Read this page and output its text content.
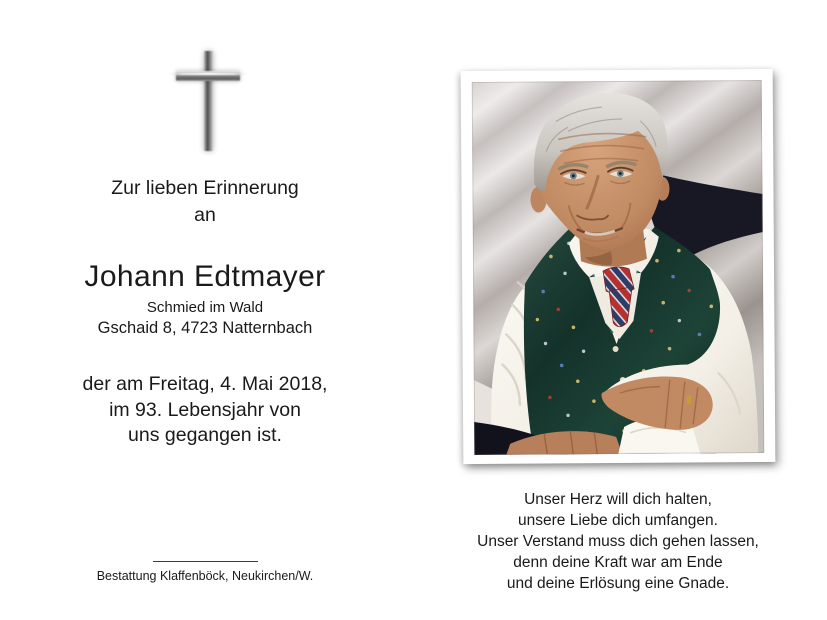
Zur lieben Erinnerung
an
Johann Edtmayer
Schmied im Wald
Gschaid 8, 4723 Natternbach
der am Freitag, 4. Mai 2018,
im 93. Lebensjahr von
uns gegangen ist.
Bestattung Klaffenböck, Neukirchen/W.
Unser Herz will dich halten,
unsere Liebe dich umfangen.
Unser Verstand muss dich gehen lassen,
denn deine Kraft war am Ende
und deine Erlösung eine Gnade.
